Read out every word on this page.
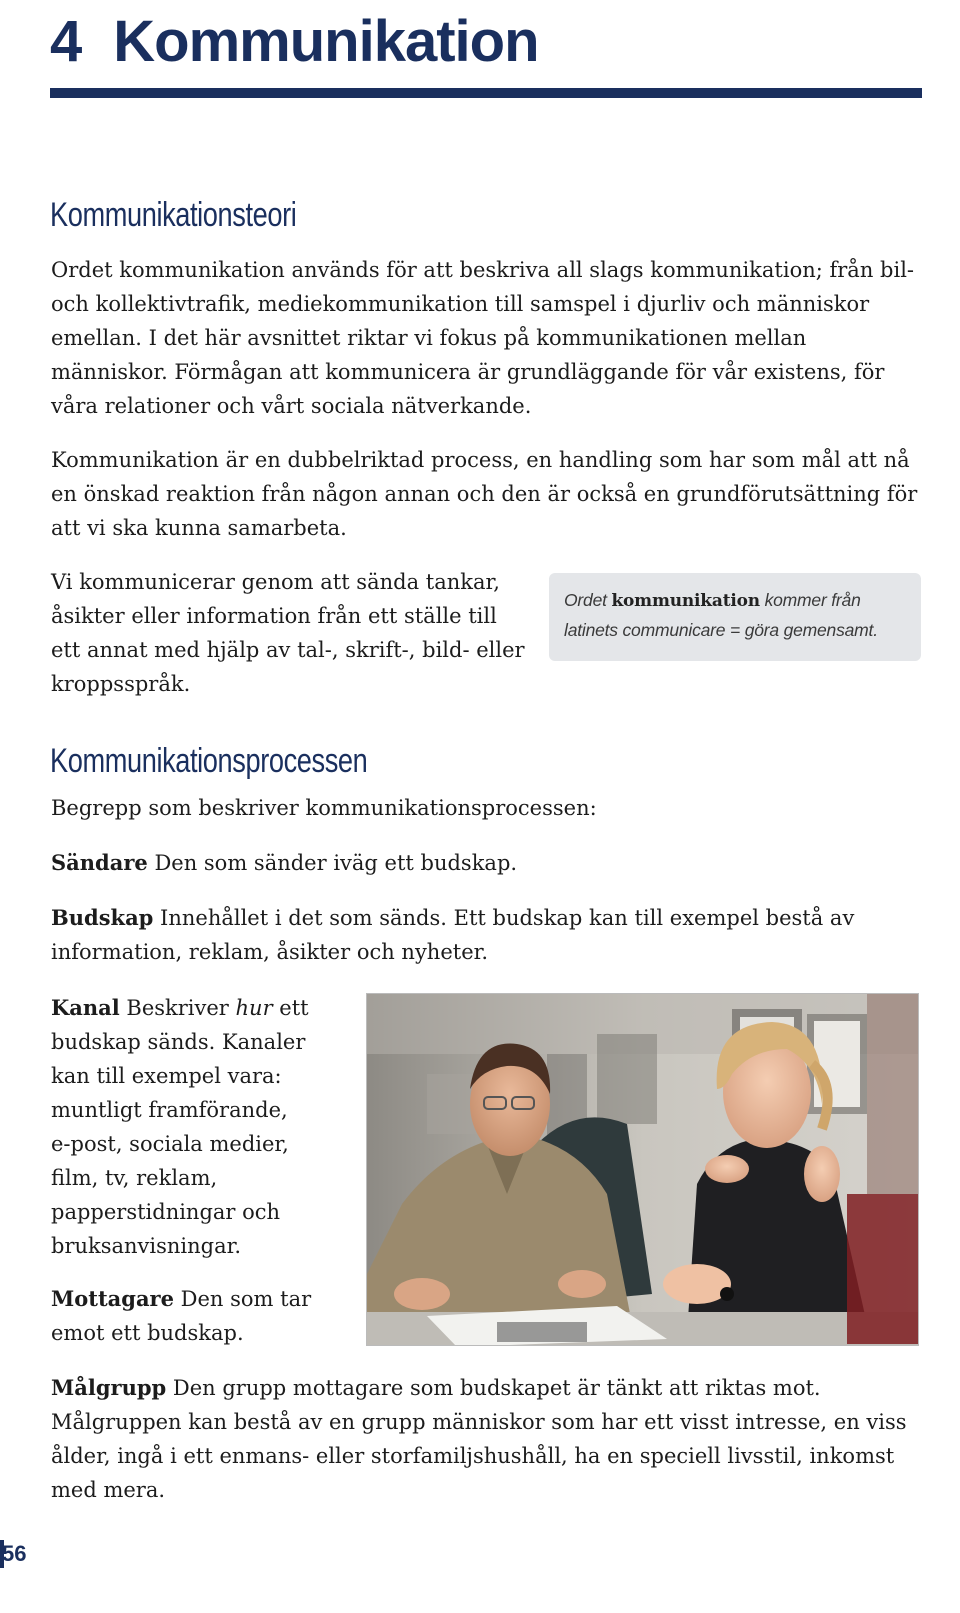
4 Kommunikation
Kommunikationsteori

Ordet kommunikation används för att beskriva all slags kommunikation; från bil- och kollektivtrafik, mediekommunikation till samspel i djurliv och människor emellan. I det här avsnittet riktar vi fokus på kommunikationen mellan människor. Förmågan att kommunicera är grundläggande för vår existens, för våra relationer och vårt sociala nätverkande.

Kommunikation är en dubbelriktad process, en handling som har som mål att nå en önskad reaktion från någon annan och den är också en grundförutsättning för att vi ska kunna samarbeta.

Vi kommunicerar genom att sända tankar, åsikter eller information från ett ställe till ett annat med hjälp av tal-, skrift-, bild- eller kroppsspråk.

Ordet kommunikation kommer från latinets communicare = göra gemensamt.
Kommunikationsprocessen

Begrepp som beskriver kommunikationsprocessen:

Sändare Den som sänder iväg ett budskap.

Budskap Innehållet i det som sänds. Ett budskap kan till exempel bestå av information, reklam, åsikter och nyheter.

Kanal Beskriver hur ett budskap sänds. Kanaler kan till exempel vara: muntligt framförande, e-post, sociala medier, film, tv, reklam, papperstidningar och bruksanvisningar.

Mottagare Den som tar emot ett budskap.

Målgrupp Den grupp mottagare som budskapet är tänkt att riktas mot. Målgruppen kan bestå av en grupp människor som har ett visst intresse, en viss ålder, ingå i ett enmans- eller storfamiljshushåll, ha en speciell livsstil, inkomst med mera.

56
